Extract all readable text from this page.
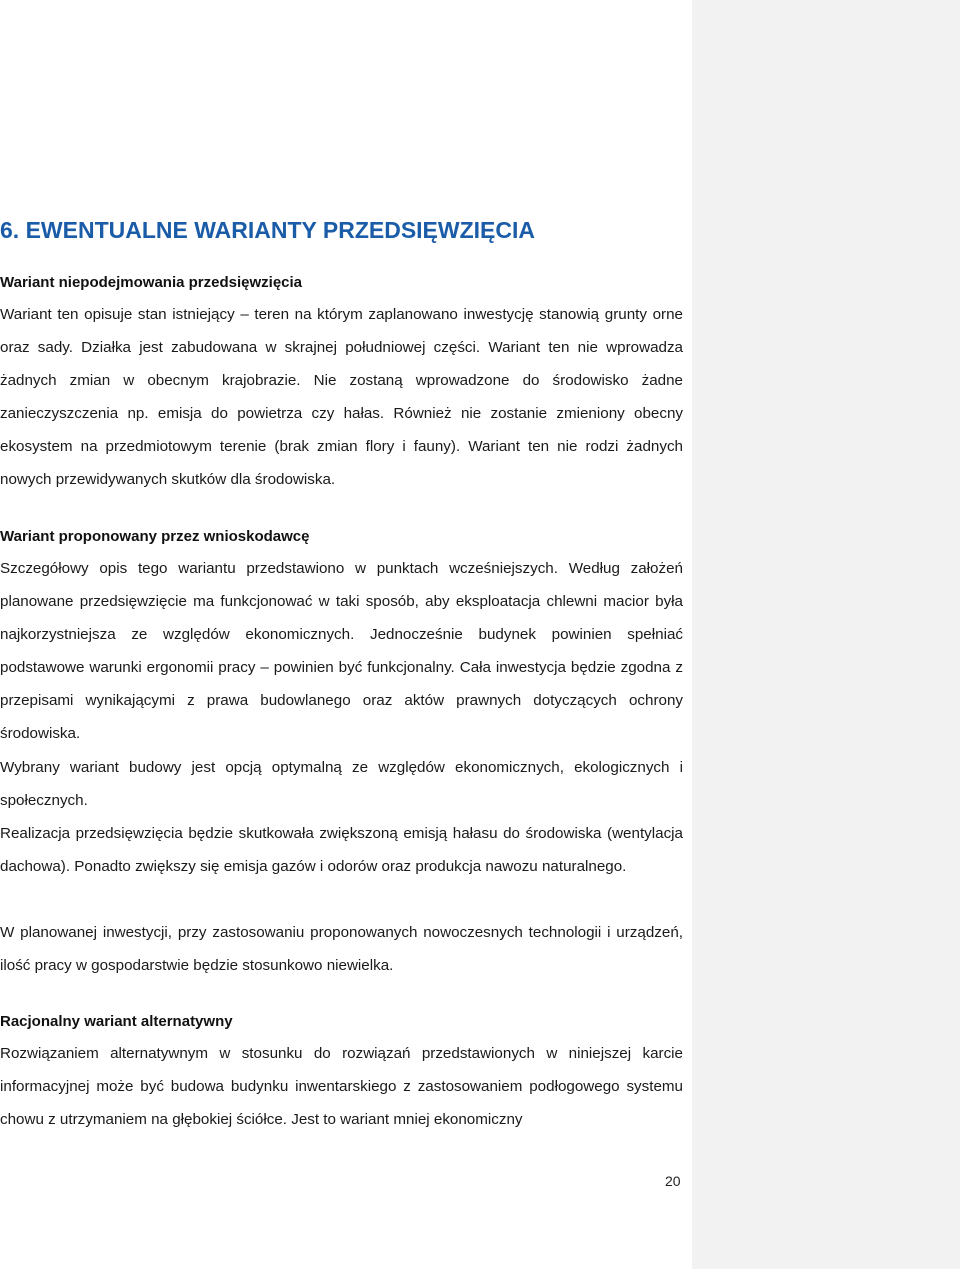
6. EWENTUALNE WARIANTY PRZEDSIĘWZIĘCIA
Wariant niepodejmowania przedsięwzięcia

Wariant ten opisuje stan istniejący – teren na którym zaplanowano inwestycję stanowią grunty orne oraz sady. Działka jest zabudowana w skrajnej południowej części. Wariant ten nie wprowadza żadnych zmian w obecnym krajobrazie. Nie zostaną wprowadzone do środowisko żadne zanieczyszczenia np. emisja do powietrza czy hałas. Również nie zostanie zmieniony obecny ekosystem na przedmiotowym terenie (brak zmian flory i fauny). Wariant ten nie rodzi żadnych nowych przewidywanych skutków dla środowiska.

Wariant proponowany przez wnioskodawcę

Szczegółowy opis tego wariantu przedstawiono w punktach wcześniejszych. Według założeń planowane przedsięwzięcie ma funkcjonować w taki sposób, aby eksploatacja chlewni macior była najkorzystniejsza ze względów ekonomicznych. Jednocześnie budynek powinien spełniać podstawowe warunki ergonomii pracy – powinien być funkcjonalny. Cała inwestycja będzie zgodna z przepisami wynikającymi z prawa budowlanego oraz aktów prawnych dotyczących ochrony środowiska.

Wybrany wariant budowy jest opcją optymalną ze względów ekonomicznych, ekologicznych i społecznych.

Realizacja przedsięwzięcia będzie skutkowała zwiększoną emisją hałasu do środowiska (wentylacja dachowa). Ponadto zwiększy się emisja gazów i odorów oraz produkcja nawozu naturalnego.

W planowanej inwestycji, przy zastosowaniu proponowanych nowoczesnych technologii i urządzeń, ilość pracy w gospodarstwie będzie stosunkowo niewielka.

Racjonalny wariant alternatywny

Rozwiązaniem alternatywnym w stosunku do rozwiązań przedstawionych w niniejszej karcie informacyjnej może być budowa budynku inwentarskiego z zastosowaniem podłogowego systemu chowu z utrzymaniem na głębokiej ściółce. Jest to wariant mniej ekonomiczny

20
